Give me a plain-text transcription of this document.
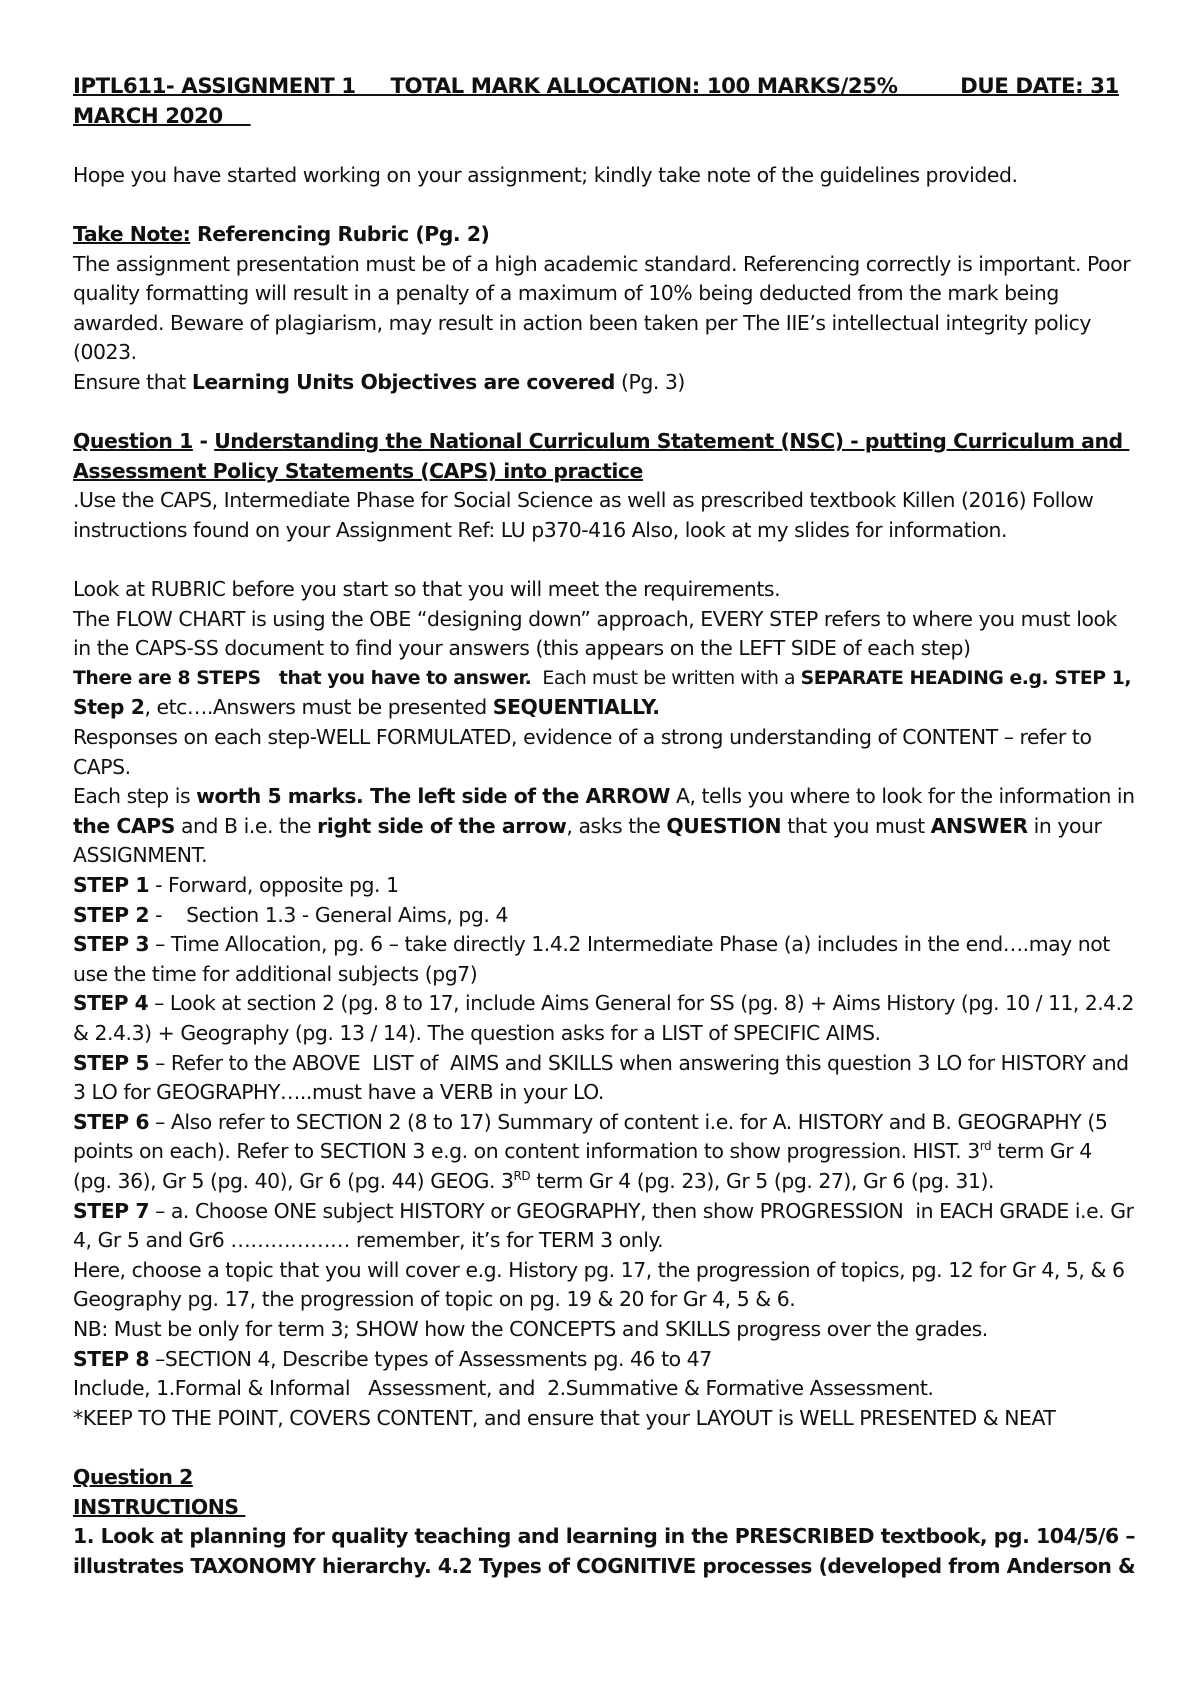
IPTL611- ASSIGNMENT 1     TOTAL MARK ALLOCATION: 100 MARKS/25%         DUE DATE: 31
MARCH 2020
Hope you have started working on your assignment; kindly take note of the guidelines provided.
Take Note: Referencing Rubric (Pg. 2)
The assignment presentation must be of a high academic standard. Referencing correctly is important. Poor
quality formatting will result in a penalty of a maximum of 10% being deducted from the mark being
awarded. Beware of plagiarism, may result in action been taken per The IIE’s intellectual integrity policy
(0023.
Ensure that Learning Units Objectives are covered (Pg. 3)
Question 1 - Understanding the National Curriculum Statement (NSC) - putting Curriculum and
Assessment Policy Statements (CAPS) into practice
.Use the CAPS, Intermediate Phase for Social Science as well as prescribed textbook Killen (2016) Follow
instructions found on your Assignment Ref: LU p370-416 Also, look at my slides for information.
Look at RUBRIC before you start so that you will meet the requirements.
The FLOW CHART is using the OBE “designing down” approach, EVERY STEP refers to where you must look
in the CAPS-SS document to find your answers (this appears on the LEFT SIDE of each step)
There are 8 STEPS   that you have to answer.  Each must be written with a SEPARATE HEADING e.g. STEP 1,
Step 2, etc….Answers must be presented SEQUENTIALLY.
Responses on each step-WELL FORMULATED, evidence of a strong understanding of CONTENT – refer to
CAPS.
Each step is worth 5 marks. The left side of the ARROW A, tells you where to look for the information in
the CAPS and B i.e. the right side of the arrow, asks the QUESTION that you must ANSWER in your
ASSIGNMENT.
STEP 1 - Forward, opposite pg. 1
STEP 2 -    Section 1.3 - General Aims, pg. 4
STEP 3 – Time Allocation, pg. 6 – take directly 1.4.2 Intermediate Phase (a) includes in the end….may not
use the time for additional subjects (pg7)
STEP 4 – Look at section 2 (pg. 8 to 17, include Aims General for SS (pg. 8) + Aims History (pg. 10 / 11, 2.4.2
& 2.4.3) + Geography (pg. 13 / 14). The question asks for a LIST of SPECIFIC AIMS.
STEP 5 – Refer to the ABOVE  LIST of  AIMS and SKILLS when answering this question 3 LO for HISTORY and
3 LO for GEOGRAPHY…..must have a VERB in your LO.
STEP 6 – Also refer to SECTION 2 (8 to 17) Summary of content i.e. for A. HISTORY and B. GEOGRAPHY (5
points on each). Refer to SECTION 3 e.g. on content information to show progression. HIST. 3rd term Gr 4
(pg. 36), Gr 5 (pg. 40), Gr 6 (pg. 44) GEOG. 3RD term Gr 4 (pg. 23), Gr 5 (pg. 27), Gr 6 (pg. 31).
STEP 7 – a. Choose ONE subject HISTORY or GEOGRAPHY, then show PROGRESSION  in EACH GRADE i.e. Gr
4, Gr 5 and Gr6 ……………… remember, it’s for TERM 3 only.
Here, choose a topic that you will cover e.g. History pg. 17, the progression of topics, pg. 12 for Gr 4, 5, & 6
Geography pg. 17, the progression of topic on pg. 19 & 20 for Gr 4, 5 & 6.
NB: Must be only for term 3; SHOW how the CONCEPTS and SKILLS progress over the grades.
STEP 8 –SECTION 4, Describe types of Assessments pg. 46 to 47
Include, 1.Formal & Informal   Assessment, and  2.Summative & Formative Assessment.
*KEEP TO THE POINT, COVERS CONTENT, and ensure that your LAYOUT is WELL PRESENTED & NEAT
Question 2
INSTRUCTIONS
1. Look at planning for quality teaching and learning in the PRESCRIBED textbook, pg. 104/5/6 –
illustrates TAXONOMY hierarchy. 4.2 Types of COGNITIVE processes (developed from Anderson &
